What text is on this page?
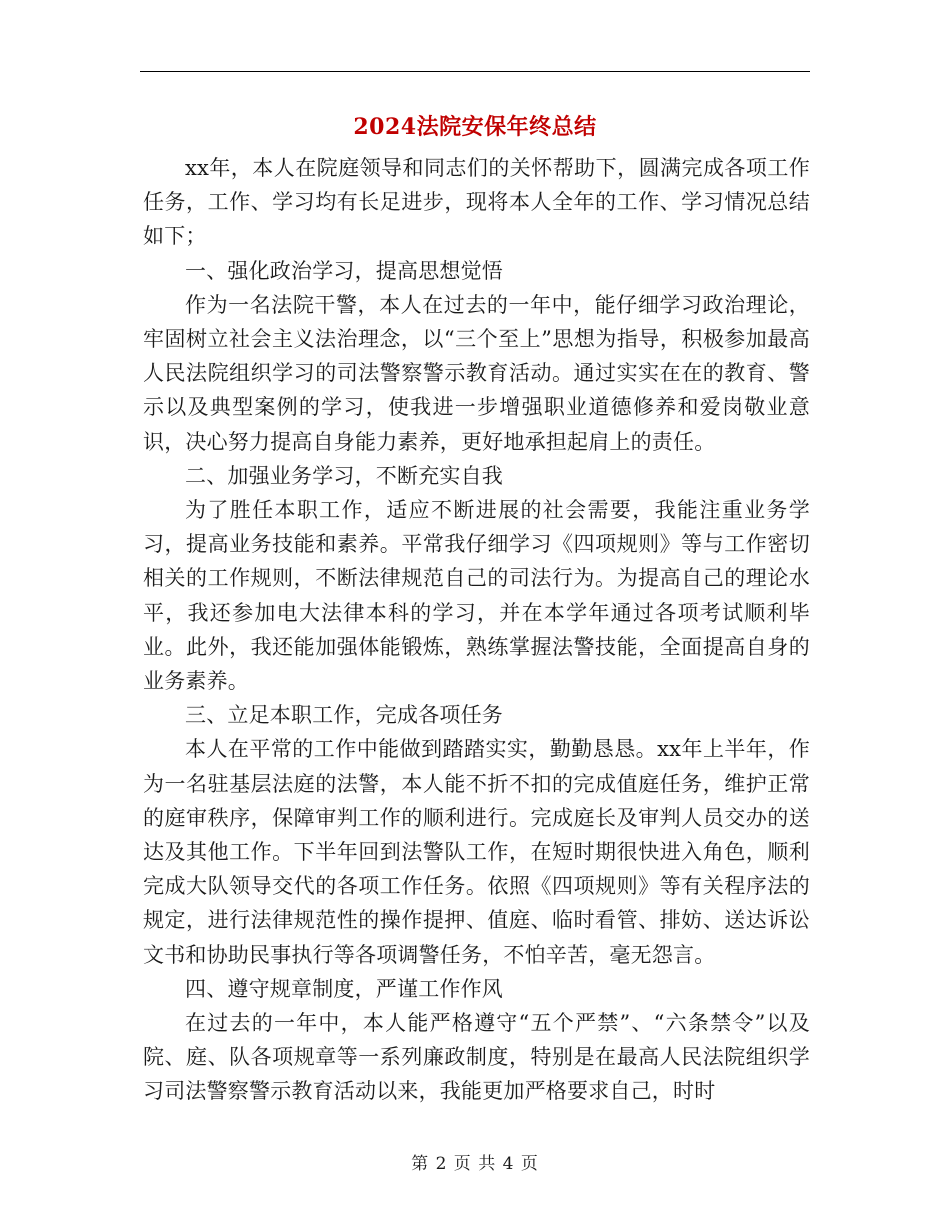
2024法院安保年终总结

xx年，本人在院庭领导和同志们的关怀帮助下，圆满完成各项工作任务，工作、学习均有长足进步，现将本人全年的工作、学习情况总结如下；

一、强化政治学习，提高思想觉悟

作为一名法院干警，本人在过去的一年中，能仔细学习政治理论，牢固树立社会主义法治理念，以“三个至上”思想为指导，积极参加最高人民法院组织学习的司法警察警示教育活动。通过实实在在的教育、警示以及典型案例的学习，使我进一步增强职业道德修养和爱岗敬业意识，决心努力提高自身能力素养，更好地承担起肩上的责任。

二、加强业务学习，不断充实自我

为了胜任本职工作，适应不断进展的社会需要，我能注重业务学习，提高业务技能和素养。平常我仔细学习《四项规则》等与工作密切相关的工作规则，不断法律规范自己的司法行为。为提高自己的理论水平，我还参加电大法律本科的学习，并在本学年通过各项考试顺利毕业。此外，我还能加强体能锻炼，熟练掌握法警技能，全面提高自身的业务素养。

三、立足本职工作，完成各项任务

本人在平常的工作中能做到踏踏实实，勤勤恳恳。xx年上半年，作为一名驻基层法庭的法警，本人能不折不扣的完成值庭任务，维护正常的庭审秩序，保障审判工作的顺利进行。完成庭长及审判人员交办的送达及其他工作。下半年回到法警队工作，在短时期很快进入角色，顺利完成大队领导交代的各项工作任务。依照《四项规则》等有关程序法的规定，进行法律规范性的操作提押、值庭、临时看管、排妨、送达诉讼文书和协助民事执行等各项调警任务，不怕辛苦，毫无怨言。

四、遵守规章制度，严谨工作作风

在过去的一年中，本人能严格遵守“五个严禁”、“六条禁令”以及院、庭、队各项规章等一系列廉政制度，特别是在最高人民法院组织学习司法警察警示教育活动以来，我能更加严格要求自己，时时

第 2 页 共 4 页
